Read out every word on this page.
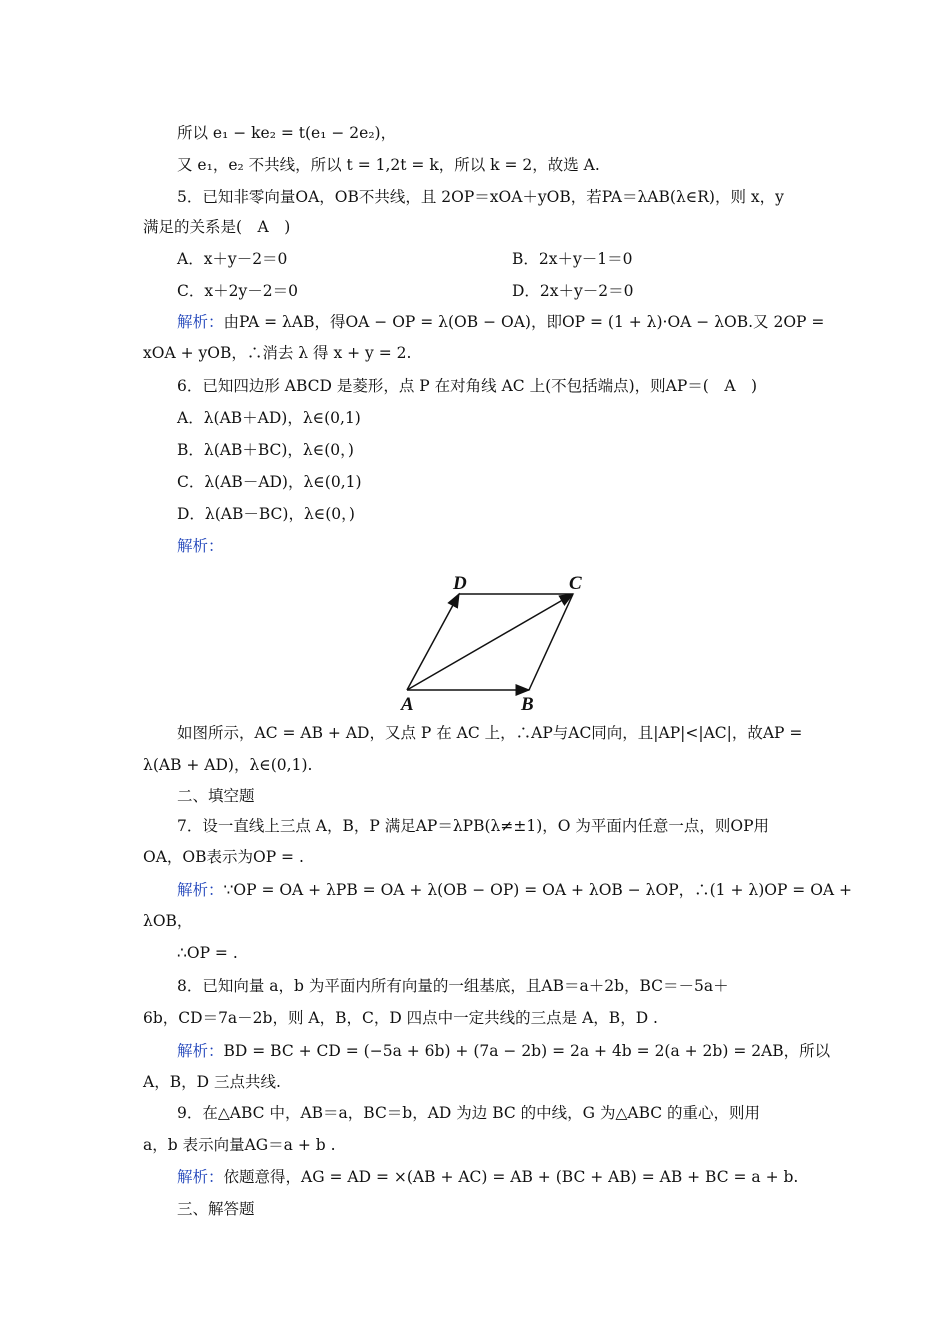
所以 e₁ − ke₂ = t(e₁ − 2e₂)，
又 e₁，e₂ 不共线，所以 t = 1,2t = k，所以 k = 2，故选 A.
5．已知非零向量OA，OB不共线，且 2OP＝xOA＋yOB，若PA＝λAB(λ∈R)，则 x，y
满足的关系是(　A　)
A．x＋y－2＝0	B．2x＋y－1＝0
C．x＋2y－2＝0	D．2x＋y－2＝0
解析：由PA = λAB，得OA − OP = λ(OB − OA)，即OP = (1 + λ)·OA − λOB.又 2OP =
xOA + yOB，∴消去 λ 得 x + y = 2.
6．已知四边形 ABCD 是菱形，点 P 在对角线 AC 上(不包括端点)，则AP＝(　A　)
A．λ(AB＋AD)，λ∈(0,1)
B．λ(AB＋BC)，λ∈(0，)
C．λ(AB－AD)，λ∈(0,1)
D．λ(AB－BC)，λ∈(0，)
解析：
A	B
C
D
如图所示，AC = AB + AD，又点 P 在 AC 上，∴AP与AC同向，且|AP|<|AC|，故AP =
λ(AB + AD)，λ∈(0,1).
二、填空题
7．设一直线上三点 A，B，P 满足AP＝λPB(λ≠±1)，O 为平面内任意一点，则OP用
OA，OB表示为OP = .
解析：∵OP = OA + λPB = OA + λ(OB − OP) = OA + λOB − λOP，∴(1 + λ)OP = OA +
λOB，
∴OP = .
8．已知向量 a，b 为平面内所有向量的一组基底，且AB＝a＋2b，BC＝－5a＋
6b，CD＝7a－2b，则 A，B，C，D 四点中一定共线的三点是 A，B，D .
解析：BD = BC + CD = (−5a + 6b) + (7a − 2b) = 2a + 4b = 2(a + 2b) = 2AB，所以
A，B，D 三点共线.
9．在△ABC 中，AB＝a，BC＝b，AD 为边 BC 的中线，G 为△ABC 的重心，则用
a，b 表示向量AG＝a + b .
解析：依题意得，AG = AD = ×(AB + AC) = AB + (BC + AB) = AB + BC = a + b.
三、解答题
